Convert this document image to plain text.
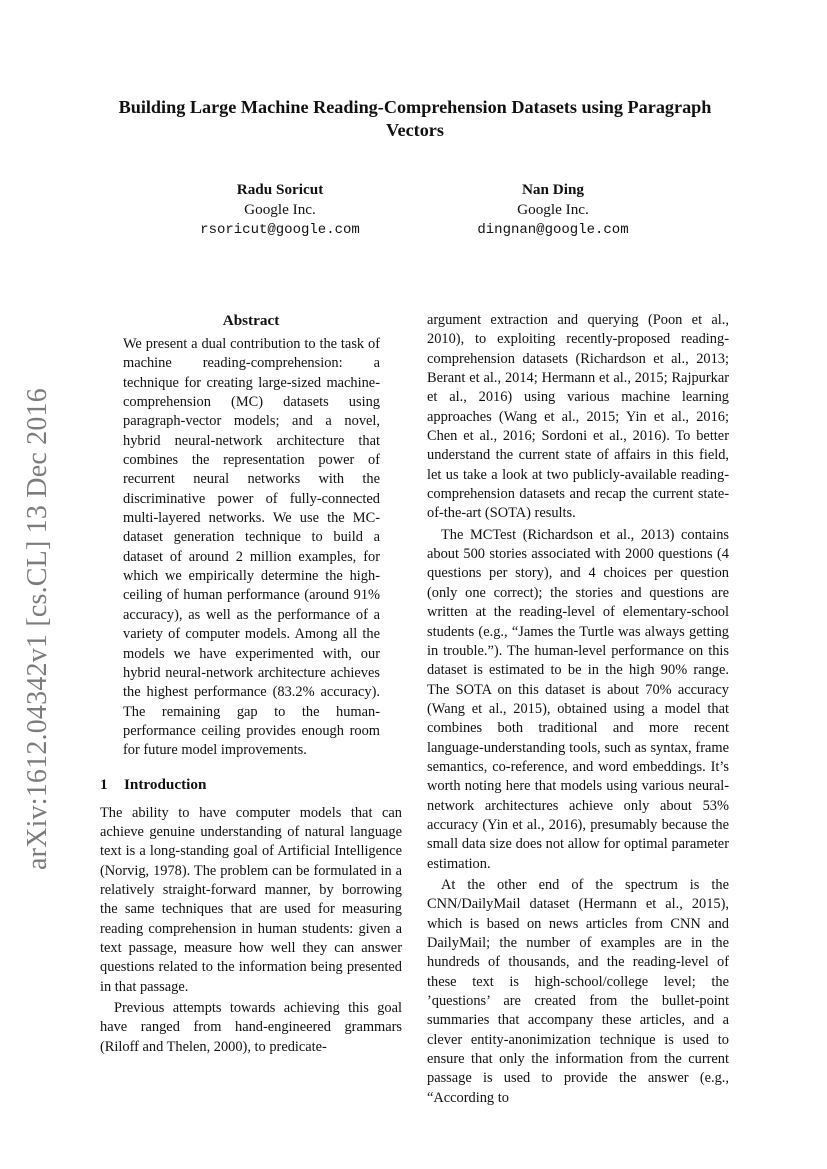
Building Large Machine Reading-Comprehension Datasets using Paragraph Vectors
Radu Soricut
Google Inc.
rsoricut@google.com
Nan Ding
Google Inc.
dingnan@google.com
arXiv:1612.04342v1 [cs.CL] 13 Dec 2016
Abstract
We present a dual contribution to the task of machine reading-comprehension: a technique for creating large-sized machine-comprehension (MC) datasets using paragraph-vector models; and a novel, hybrid neural-network architecture that combines the representation power of recurrent neural networks with the discriminative power of fully-connected multi-layered networks. We use the MC-dataset generation technique to build a dataset of around 2 million examples, for which we empirically determine the high-ceiling of human performance (around 91% accuracy), as well as the performance of a variety of computer models. Among all the models we have experimented with, our hybrid neural-network architecture achieves the highest performance (83.2% accuracy). The remaining gap to the human-performance ceiling provides enough room for future model improvements.
1 Introduction

The ability to have computer models that can achieve genuine understanding of natural language text is a long-standing goal of Artificial Intelligence (Norvig, 1978). The problem can be formulated in a relatively straight-forward manner, by borrowing the same techniques that are used for measuring reading comprehension in human students: given a text passage, measure how well they can answer questions related to the information being presented in that passage.

Previous attempts towards achieving this goal have ranged from hand-engineered grammars (Riloff and Thelen, 2000), to predicate-

argument extraction and querying (Poon et al., 2010), to exploiting recently-proposed reading-comprehension datasets (Richardson et al., 2013; Berant et al., 2014; Hermann et al., 2015; Rajpurkar et al., 2016) using various machine learning approaches (Wang et al., 2015; Yin et al., 2016; Chen et al., 2016; Sordoni et al., 2016). To better understand the current state of affairs in this field, let us take a look at two publicly-available reading-comprehension datasets and recap the current state-of-the-art (SOTA) results.

The MCTest (Richardson et al., 2013) contains about 500 stories associated with 2000 questions (4 questions per story), and 4 choices per question (only one correct); the stories and questions are written at the reading-level of elementary-school students (e.g., “James the Turtle was always getting in trouble.”). The human-level performance on this dataset is estimated to be in the high 90% range. The SOTA on this dataset is about 70% accuracy (Wang et al., 2015), obtained using a model that combines both traditional and more recent language-understanding tools, such as syntax, frame semantics, co-reference, and word embeddings. It’s worth noting here that models using various neural-network architectures achieve only about 53% accuracy (Yin et al., 2016), presumably because the small data size does not allow for optimal parameter estimation.

At the other end of the spectrum is the CNN/DailyMail dataset (Hermann et al., 2015), which is based on news articles from CNN and DailyMail; the number of examples are in the hundreds of thousands, and the reading-level of these text is high-school/college level; the ’questions’ are created from the bullet-point summaries that accompany these articles, and a clever entity-anonimization technique is used to ensure that only the information from the current passage is used to provide the answer (e.g., “According to
